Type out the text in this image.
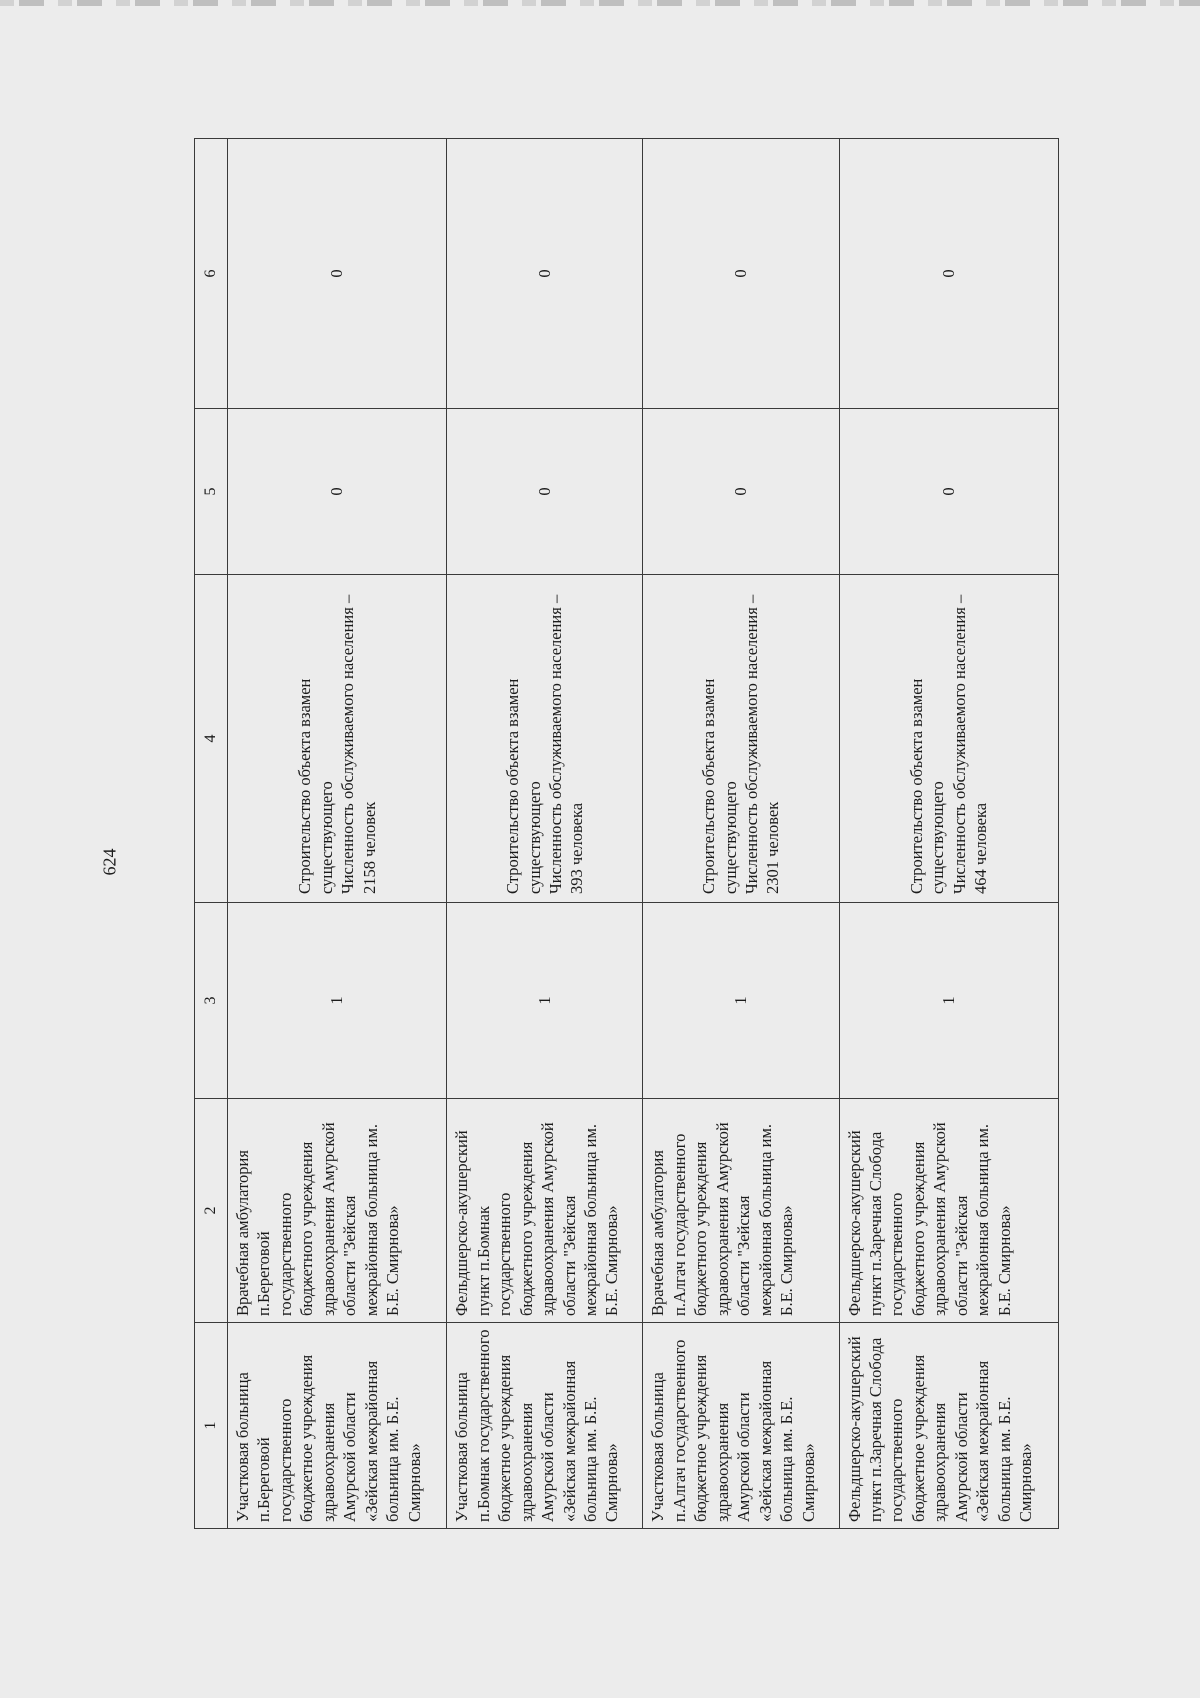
624
1	2	3	4	5	6
Участковая больница п.Береговой государственного бюджетное учреждения здравоохранения Амурской области «Зейская межрайонная больница им. Б.Е. Смирнова»	Врачебная амбулатория п.Береговой государственного бюджетного учреждения здравоохранения Амурской области "Зейская межрайонная больница им. Б.Е. Смирнова»	1	Строительство объекта взамен существующего Численность обслуживаемого населения – 2158 человек	0	0
Участковая больница п.Бомнак государственного бюджетное учреждения здравоохранения Амурской области «Зейская межрайонная больница им. Б.Е. Смирнова»	Фельдшерско-акушерский пункт п.Бомнак государственного бюджетного учреждения здравоохранения Амурской области "Зейская межрайонная больница им. Б.Е. Смирнова»	1	Строительство объекта взамен существующего Численность обслуживаемого населения – 393 человека	0	0
Участковая больница п.Алгач государственного бюджетное учреждения здравоохранения Амурской области «Зейская межрайонная больница им. Б.Е. Смирнова»	Врачебная амбулатория п.Алгач государственного бюджетного учреждения здравоохранения Амурской области "Зейская межрайонная больница им. Б.Е. Смирнова»	1	Строительство объекта взамен существующего Численность обслуживаемого населения – 2301 человек	0	0
Фельдшерско-акушерский пункт п.Заречная Слобода государственного бюджетное учреждения здравоохранения Амурской области «Зейская межрайонная больница им. Б.Е. Смирнова»	Фельдшерско-акушерский пункт п.Заречная Слобода государственного бюджетного учреждения здравоохранения Амурской области "Зейская межрайонная больница им. Б.Е. Смирнова»	1	Строительство объекта взамен существующего Численность обслуживаемого населения – 464 человека	0	0
